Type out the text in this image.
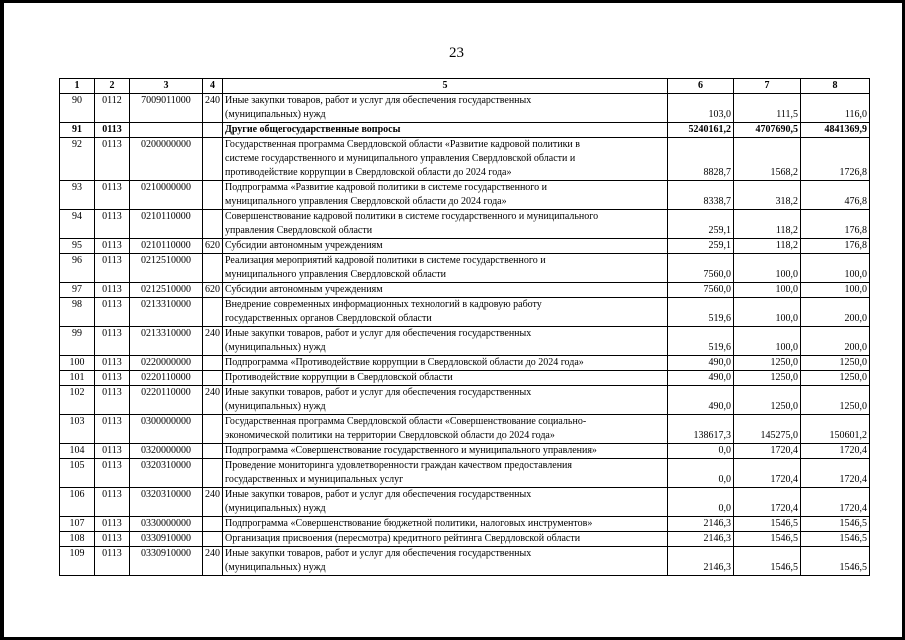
23
1	2	3	4	5	6	7	8
90	0112	7009011000	240	Иные закупки товаров, работ и услуг для обеспечения государственных
(муниципальных) нужд	103,0	111,5	116,0
91	0113			Другие общегосударственные вопросы	5240161,2	4707690,5	4841369,9
92	0113	0200000000		Государственная программа Свердловской области «Развитие кадровой политики в
системе государственного и муниципального управления Свердловской области и
противодействие коррупции в Свердловской области до 2024 года»	8828,7	1568,2	1726,8
93	0113	0210000000		Подпрограмма «Развитие кадровой политики в системе государственного и
муниципального управления Свердловской области до 2024 года»	8338,7	318,2	476,8
94	0113	0210110000		Совершенствование кадровой политики в системе государственного и муниципального
управления Свердловской области	259,1	118,2	176,8
95	0113	0210110000	620	Субсидии автономным учреждениям	259,1	118,2	176,8
96	0113	0212510000		Реализация мероприятий кадровой политики в системе государственного и
муниципального управления Свердловской области	7560,0	100,0	100,0
97	0113	0212510000	620	Субсидии автономным учреждениям	7560,0	100,0	100,0
98	0113	0213310000		Внедрение современных информационных технологий в кадровую работу
государственных органов Свердловской области	519,6	100,0	200,0
99	0113	0213310000	240	Иные закупки товаров, работ и услуг для обеспечения государственных
(муниципальных) нужд	519,6	100,0	200,0
100	0113	0220000000		Подпрограмма «Противодействие коррупции в Свердловской области до 2024 года»	490,0	1250,0	1250,0
101	0113	0220110000		Противодействие коррупции в Свердловской области	490,0	1250,0	1250,0
102	0113	0220110000	240	Иные закупки товаров, работ и услуг для обеспечения государственных
(муниципальных) нужд	490,0	1250,0	1250,0
103	0113	0300000000		Государственная программа Свердловской области «Совершенствование социально-
экономической политики на территории Свердловской области до 2024 года»	138617,3	145275,0	150601,2
104	0113	0320000000		Подпрограмма «Совершенствование государственного и муниципального управления»	0,0	1720,4	1720,4
105	0113	0320310000		Проведение мониторинга удовлетворенности граждан качеством предоставления
государственных и муниципальных услуг	0,0	1720,4	1720,4
106	0113	0320310000	240	Иные закупки товаров, работ и услуг для обеспечения государственных
(муниципальных) нужд	0,0	1720,4	1720,4
107	0113	0330000000		Подпрограмма «Совершенствование бюджетной политики, налоговых инструментов»	2146,3	1546,5	1546,5
108	0113	0330910000		Организация присвоения (пересмотра) кредитного рейтинга Свердловской области	2146,3	1546,5	1546,5
109	0113	0330910000	240	Иные закупки товаров, работ и услуг для обеспечения государственных
(муниципальных) нужд	2146,3	1546,5	1546,5
